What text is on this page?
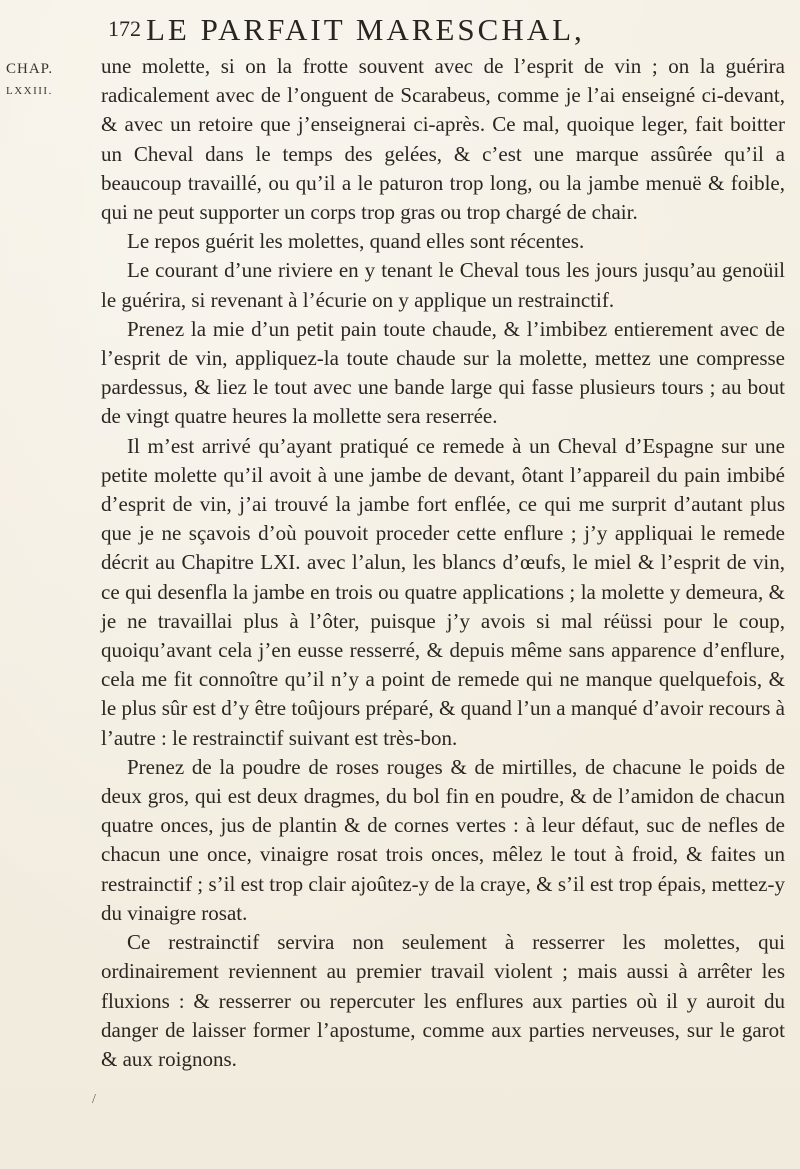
172 LE PARFAIT MARESCHAL,
CHAP.
LXXIII.

une molette, si on la frotte souvent avec de l’esprit de vin ; on la guérira radicalement avec de l’onguent de Scarabeus, comme je l’ai enseigné ci-devant, & avec un retoire que j’enseignerai ci-après. Ce mal, quoique leger, fait boitter un Cheval dans le temps des gelées, & c’est une marque assûrée qu’il a beaucoup travaillé, ou qu’il a le paturon trop long, ou la jambe menuë & foible, qui ne peut supporter un corps trop gras ou trop chargé de chair.

Le repos guérit les molettes, quand elles sont récentes.

Le courant d’une riviere en y tenant le Cheval tous les jours jusqu’au genoüil le guérira, si revenant à l’écurie on y applique un restrainctif.

Prenez la mie d’un petit pain toute chaude, & l’imbibez entierement avec de l’esprit de vin, appliquez-la toute chaude sur la molette, mettez une compresse pardessus, & liez le tout avec une bande large qui fasse plusieurs tours ; au bout de vingt quatre heures la mollette sera reserrée.

Il m’est arrivé qu’ayant pratiqué ce remede à un Cheval d’Espagne sur une petite molette qu’il avoit à une jambe de devant, ôtant l’appareil du pain imbibé d’esprit de vin, j’ai trouvé la jambe fort enflée, ce qui me surprit d’autant plus que je ne sçavois d’où pouvoit proceder cette enflure ; j’y appliquai le remede décrit au Chapitre LXI. avec l’alun, les blancs d’œufs, le miel & l’esprit de vin, ce qui desenfla la jambe en trois ou quatre applications ; la molette y demeura, & je ne travaillai plus à l’ôter, puisque j’y avois si mal réüssi pour le coup, quoiqu’avant cela j’en eusse resserré, & depuis même sans apparence d’enflure, cela me fit connoître qu’il n’y a point de remede qui ne manque quelquefois, & le plus sûr est d’y être toûjours préparé, & quand l’un a manqué d’avoir recours à l’autre : le restrainctif suivant est très-bon.

Prenez de la poudre de roses rouges & de mirtilles, de chacune le poids de deux gros, qui est deux dragmes, du bol fin en poudre, & de l’amidon de chacun quatre onces, jus de plantin & de cornes vertes : à leur défaut, suc de nefles de chacun une once, vinaigre rosat trois onces, mêlez le tout à froid, & faites un restrainctif ; s’il est trop clair ajoûtez-y de la craye, & s’il est trop épais, mettez-y du vinaigre rosat.

Ce restrainctif servira non seulement à resserrer les molettes, qui ordinairement reviennent au premier travail violent ; mais aussi à arrêter les fluxions : & resserrer ou repercuter les enflures aux parties où il y auroit du danger de laisser former l’apostume, comme aux parties nerveuses, sur le garot & aux roignons.

/
